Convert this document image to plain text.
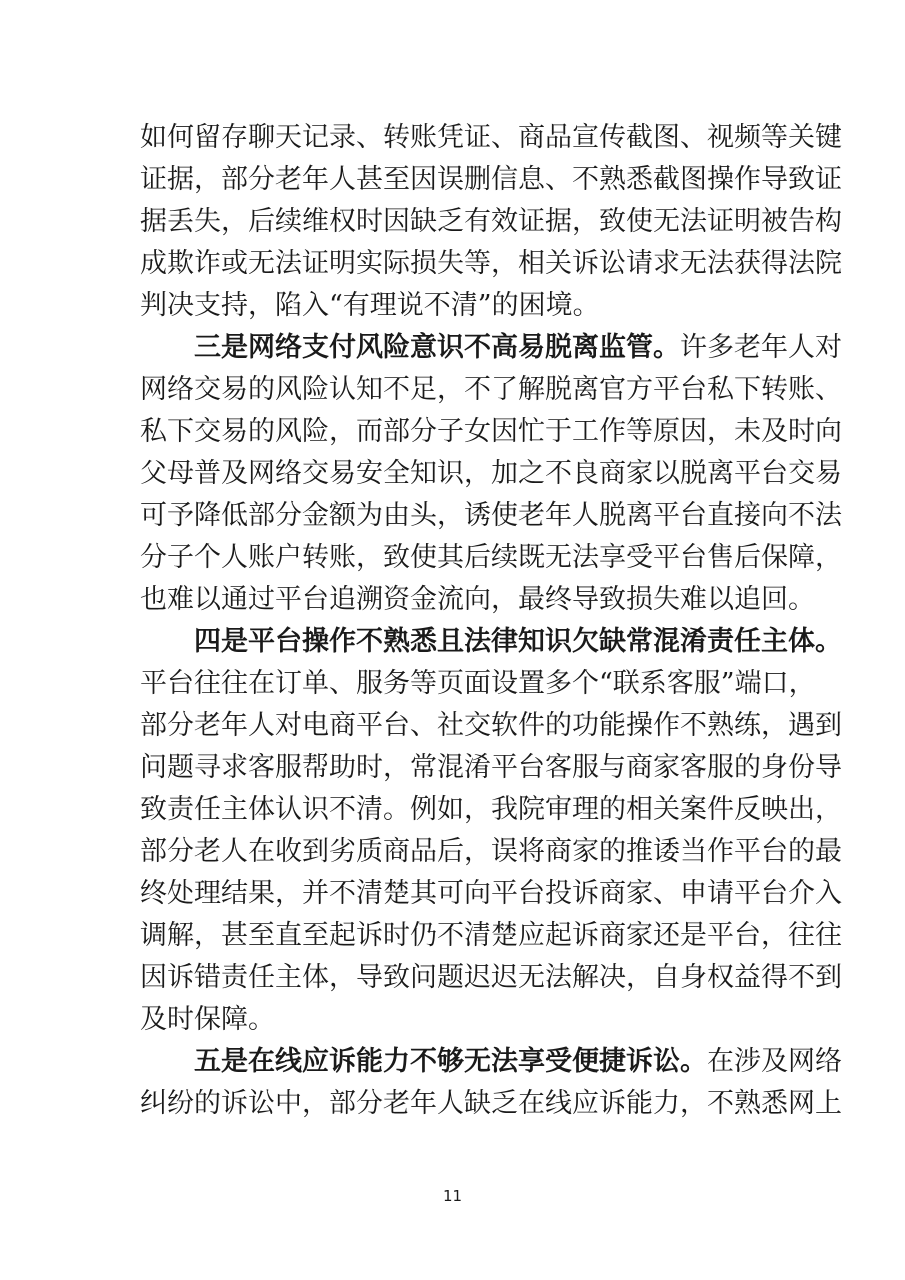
如何留存聊天记录、转账凭证、商品宣传截图、视频等关键
证据，部分老年人甚至因误删信息、不熟悉截图操作导致证
据丢失，后续维权时因缺乏有效证据，致使无法证明被告构
成欺诈或无法证明实际损失等，相关诉讼请求无法获得法院
判决支持，陷入“有理说不清”的困境。
三是网络支付风险意识不高易脱离监管。许多老年人对
网络交易的风险认知不足，不了解脱离官方平台私下转账、
私下交易的风险，而部分子女因忙于工作等原因，未及时向
父母普及网络交易安全知识，加之不良商家以脱离平台交易
可予降低部分金额为由头，诱使老年人脱离平台直接向不法
分子个人账户转账，致使其后续既无法享受平台售后保障，
也难以通过平台追溯资金流向，最终导致损失难以追回。
四是平台操作不熟悉且法律知识欠缺常混淆责任主体。
平台往往在订单、服务等页面设置多个“联系客服”端口，
部分老年人对电商平台、社交软件的功能操作不熟练，遇到
问题寻求客服帮助时，常混淆平台客服与商家客服的身份导
致责任主体认识不清。例如，我院审理的相关案件反映出，
部分老人在收到劣质商品后，误将商家的推诿当作平台的最
终处理结果，并不清楚其可向平台投诉商家、申请平台介入
调解，甚至直至起诉时仍不清楚应起诉商家还是平台，往往
因诉错责任主体，导致问题迟迟无法解决，自身权益得不到
及时保障。
五是在线应诉能力不够无法享受便捷诉讼。在涉及网络
纠纷的诉讼中，部分老年人缺乏在线应诉能力，不熟悉网上
11
